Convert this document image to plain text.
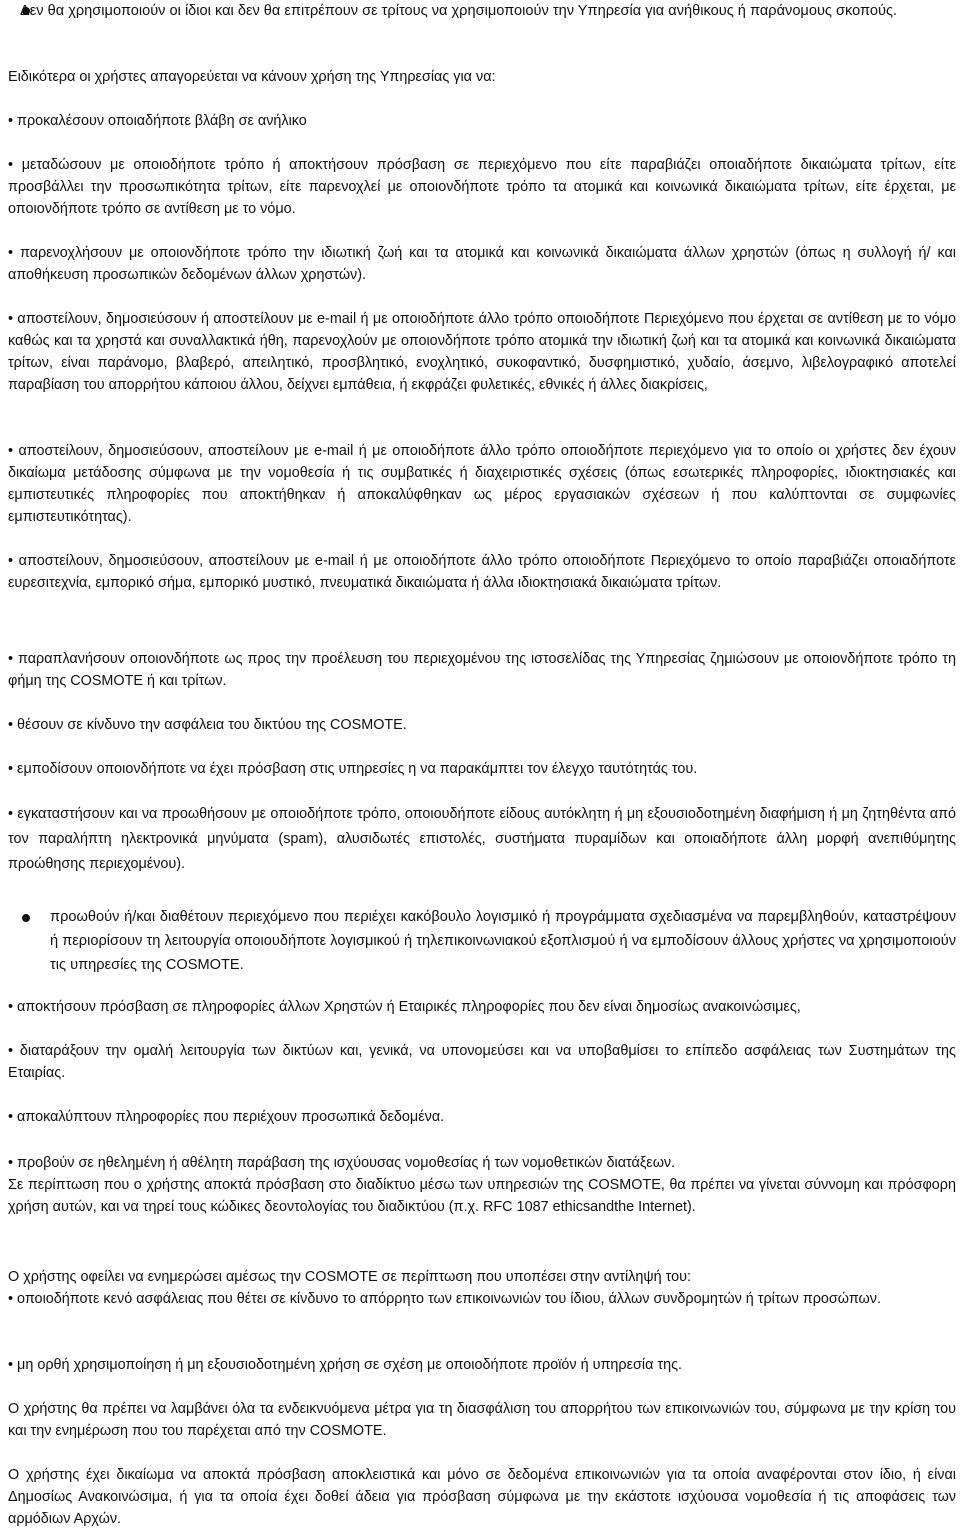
Δεν θα χρησιμοποιούν οι ίδιοι και δεν θα επιτρέπουν σε τρίτους να χρησιμοποιούν την Υπηρεσία για ανήθικους ή παράνομους σκοπούς.

Ειδικότερα οι χρήστες απαγορεύεται να κάνουν χρήση της Υπηρεσίας για να:

• προκαλέσουν οποιαδήποτε βλάβη σε ανήλικο

• μεταδώσουν με οποιοδήποτε τρόπο ή αποκτήσουν πρόσβαση σε περιεχόμενο που είτε παραβιάζει οποιαδήποτε δικαιώματα τρίτων, είτε προσβάλλει την προσωπικότητα τρίτων, είτε παρενοχλεί με οποιονδήποτε τρόπο τα ατομικά και κοινωνικά δικαιώματα τρίτων, είτε έρχεται, με οποιονδήποτε τρόπο σε αντίθεση με το νόμο.

• παρενοχλήσουν με οποιονδήποτε τρόπο την ιδιωτική ζωή και τα ατομικά και κοινωνικά δικαιώματα άλλων χρηστών (όπως η συλλογή ή/ και αποθήκευση προσωπικών δεδομένων άλλων χρηστών).

• αποστείλουν, δημοσιεύσουν ή αποστείλουν με e-mail ή με οποιοδήποτε άλλο τρόπο οποιοδήποτε Περιεχόμενο που έρχεται σε αντίθεση με το νόμο καθώς και τα χρηστά και συναλλακτικά ήθη, παρενοχλούν με οποιονδήποτε τρόπο ατομικά την ιδιωτική ζωή και τα ατομικά και κοινωνικά δικαιώματα τρίτων, είναι παράνομο, βλαβερό, απειλητικό, προσβλητικό, ενοχλητικό, συκοφαντικό, δυσφημιστικό, χυδαίο, άσεμνο, λιβελογραφικό αποτελεί παραβίαση του απορρήτου κάποιου άλλου, δείχνει εμπάθεια, ή εκφράζει φυλετικές, εθνικές ή άλλες διακρίσεις,

• αποστείλουν, δημοσιεύσουν, αποστείλουν με e-mail ή με οποιοδήποτε άλλο τρόπο οποιοδήποτε περιεχόμενο για το οποίο οι χρήστες δεν έχουν δικαίωμα μετάδοσης σύμφωνα με την νομοθεσία ή τις συμβατικές ή διαχειριστικές σχέσεις (όπως εσωτερικές πληροφορίες, ιδιοκτησιακές και εμπιστευτικές πληροφορίες που αποκτήθηκαν ή αποκαλύφθηκαν ως μέρος εργασιακών σχέσεων ή που καλύπτονται σε συμφωνίες εμπιστευτικότητας).

• αποστείλουν, δημοσιεύσουν, αποστείλουν με e-mail ή με οποιοδήποτε άλλο τρόπο οποιοδήποτε Περιεχόμενο το οποίο παραβιάζει οποιαδήποτε ευρεσιτεχνία, εμπορικό σήμα, εμπορικό μυστικό, πνευματικά δικαιώματα ή άλλα ιδιοκτησιακά δικαιώματα τρίτων.

• παραπλανήσουν οποιονδήποτε ως προς την προέλευση του περιεχομένου της ιστοσελίδας της Υπηρεσίας ζημιώσουν με οποιονδήποτε τρόπο τη φήμη της COSMOTE ή και τρίτων.

• θέσουν σε κίνδυνο την ασφάλεια του δικτύου της COSMOTE.

• εμποδίσουν οποιονδήποτε να έχει πρόσβαση στις υπηρεσίες η να παρακάμπτει τον έλεγχο ταυτότητάς του.

• εγκαταστήσουν και να προωθήσουν με οποιοδήποτε τρόπο, οποιουδήποτε είδους αυτόκλητη ή μη εξουσιοδοτημένη διαφήμιση ή μη ζητηθέντα από τον παραλήπτη ηλεκτρονικά μηνύματα (spam), αλυσιδωτές επιστολές, συστήματα πυραμίδων και οποιαδήποτε άλλη μορφή ανεπιθύμητης προώθησης περιεχομένου).

προωθούν ή/και διαθέτουν περιεχόμενο που περιέχει κακόβουλο λογισμικό ή προγράμματα σχεδιασμένα να παρεμβληθούν, καταστρέψουν ή περιορίσουν τη λειτουργία οποιουδήποτε λογισμικού ή τηλεπικοινωνιακού εξοπλισμού ή να εμποδίσουν άλλους χρήστες να χρησιμοποιούν τις υπηρεσίες της COSMOTE.

• αποκτήσουν πρόσβαση σε πληροφορίες άλλων Χρηστών ή Εταιρικές πληροφορίες που δεν είναι δημοσίως ανακοινώσιμες,

• διαταράξουν την ομαλή λειτουργία των δικτύων και, γενικά, να υπονομεύσει και να υποβαθμίσει το επίπεδο ασφάλειας των Συστημάτων της Εταιρίας.

• αποκαλύπτουν πληροφορίες που περιέχουν προσωπικά δεδομένα.

• προβούν σε ηθελημένη ή αθέλητη παράβαση της ισχύουσας νομοθεσίας ή των νομοθετικών διατάξεων.

Σε περίπτωση που ο χρήστης αποκτά πρόσβαση στο διαδίκτυο μέσω των υπηρεσιών της COSMOTE, θα πρέπει να γίνεται σύννομη και πρόσφορη χρήση αυτών, και να τηρεί τους κώδικες δεοντολογίας του διαδικτύου (π.χ. RFC 1087 ethicsandthe Internet).

Ο χρήστης οφείλει να ενημερώσει αμέσως την COSMOTE σε περίπτωση που υποπέσει στην αντίληψή του:

• οποιοδήποτε κενό ασφάλειας που θέτει σε κίνδυνο το απόρρητο των επικοινωνιών του ίδιου, άλλων συνδρομητών ή τρίτων προσώπων.

• μη ορθή χρησιμοποίηση ή μη εξουσιοδοτημένη χρήση σε σχέση με οποιοδήποτε προϊόν ή υπηρεσία της.

Ο χρήστης θα πρέπει να λαμβάνει όλα τα ενδεικνυόμενα μέτρα για τη διασφάλιση του απορρήτου των επικοινωνιών του, σύμφωνα με την κρίση του και την ενημέρωση που του παρέχεται από την COSMOTE.

Ο χρήστης έχει δικαίωμα να αποκτά πρόσβαση αποκλειστικά και μόνο σε δεδομένα επικοινωνιών για τα οποία αναφέρονται στον ίδιο, ή είναι Δημοσίως Ανακοινώσιμα, ή για τα οποία έχει δοθεί άδεια για πρόσβαση σύμφωνα με την εκάστοτε ισχύουσα νομοθεσία ή τις αποφάσεις των αρμόδιων Αρχών.
